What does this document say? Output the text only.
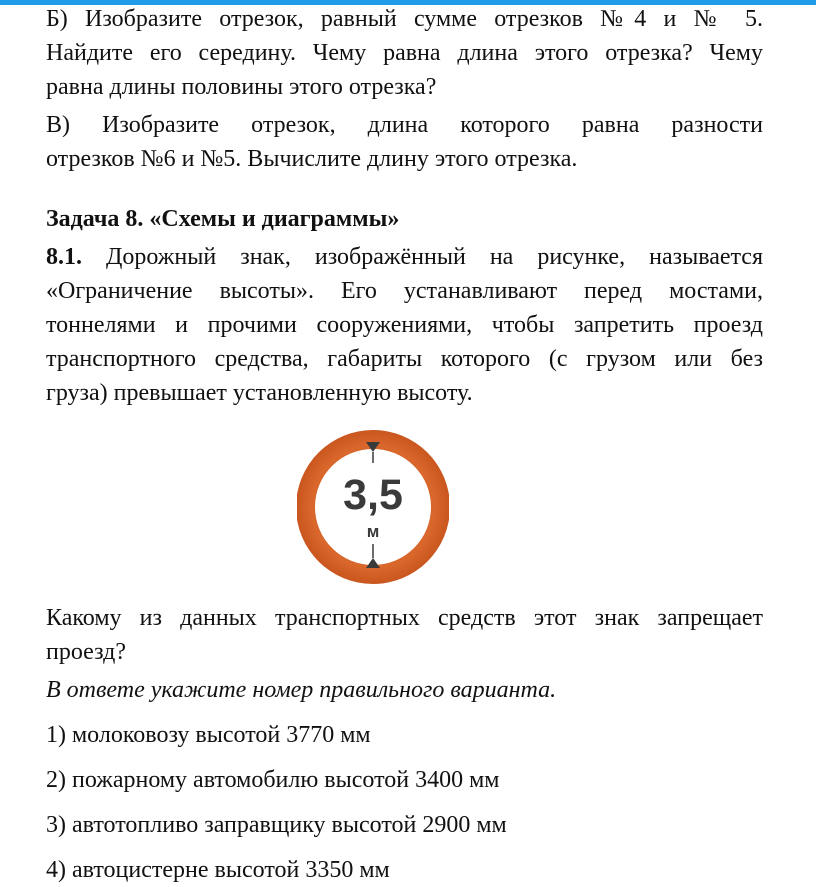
Б) Изобразите отрезок, равный сумме отрезков №4 и № 5.

Найдите его середину. Чему равна длина этого отрезка? Чему

равна длины половины этого отрезка?

В) Изобразите отрезок, длина которого равна разности

отрезков №6 и №5. Вычислите длину этого отрезка.

Задача 8. «Схемы и диаграммы»

8.1. Дорожный знак, изображённый на рисунке, называется

«Ограничение высоты». Его устанавливают перед мостами,

тоннелями и прочими сооружениями, чтобы запретить проезд

транспортного средства, габариты которого (с грузом или без

груза) превышает установленную высоту.

3,5
м

Какому из данных транспортных средств этот знак запрещает

проезд?

В ответе укажите номер правильного варианта.

1) молоковозу высотой 3770 мм

2) пожарному автомобилю высотой 3400 мм

3) автотопливо заправщику высотой 2900 мм

4) автоцистерне высотой 3350 мм
